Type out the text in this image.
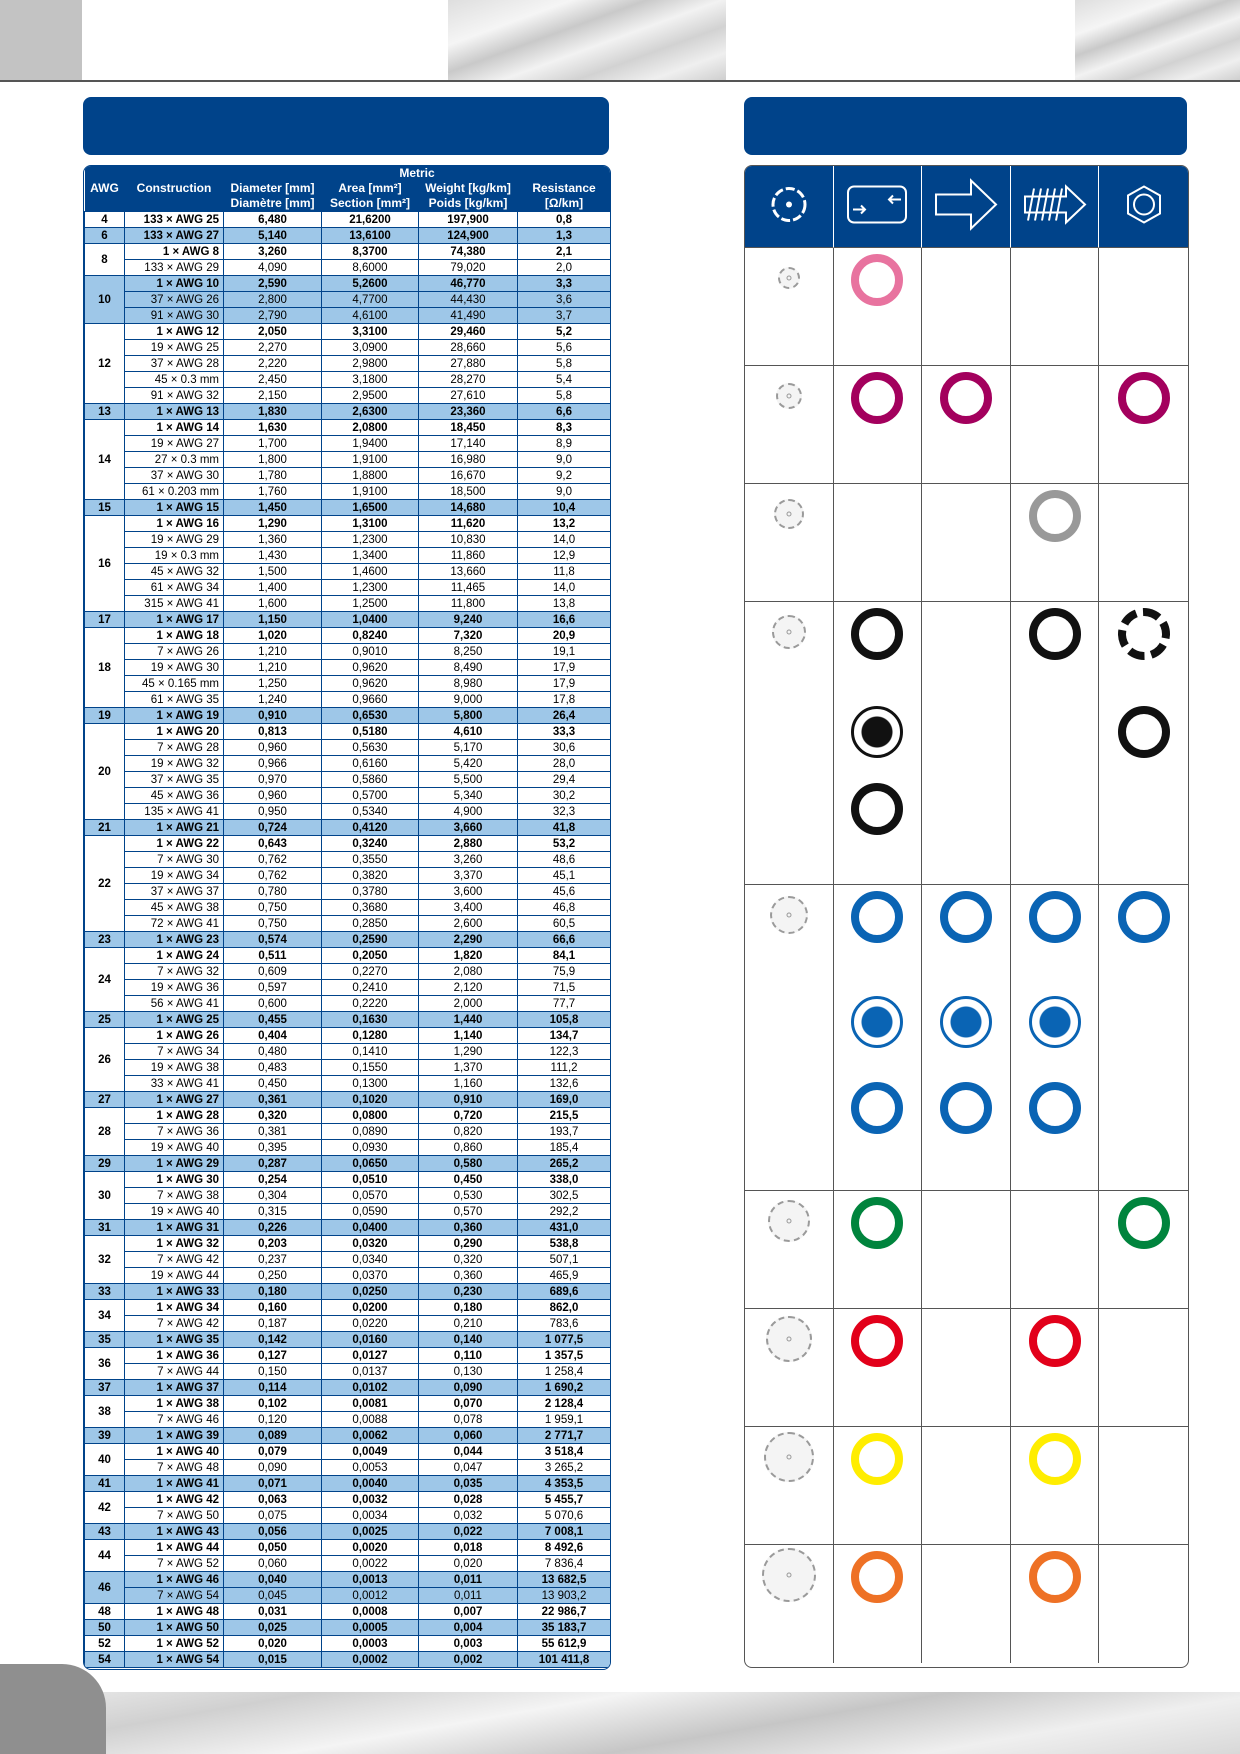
AWG	Construction	Metric			
		Diameter [mm]	Area [mm²]	Weight [kg/km]	Resistance
		Diamètre [mm]	Section [mm²]	Poids [kg/km]	[Ω/km]
4	133 × AWG 25	6,480	21,6200	197,900	0,8
6	133 × AWG 27	5,140	13,6100	124,900	1,3
8	1 × AWG 8	3,260	8,3700	74,380	2,1
	133 × AWG 29	4,090	8,6000	79,020	2,0
10	1 × AWG 10	2,590	5,2600	46,770	3,3
	37 × AWG 26	2,800	4,7700	44,430	3,6
	91 × AWG 30	2,790	4,6100	41,490	3,7
12	1 × AWG 12	2,050	3,3100	29,460	5,2
	19 × AWG 25	2,270	3,0900	28,660	5,6
	37 × AWG 28	2,220	2,9800	27,880	5,8
	45 × 0.3 mm	2,450	3,1800	28,270	5,4
	91 × AWG 32	2,150	2,9500	27,610	5,8
13	1 × AWG 13	1,830	2,6300	23,360	6,6
14	1 × AWG 14	1,630	2,0800	18,450	8,3
	19 × AWG 27	1,700	1,9400	17,140	8,9
	27 × 0.3 mm	1,800	1,9100	16,980	9,0
	37 × AWG 30	1,780	1,8800	16,670	9,2
	61 × 0.203 mm	1,760	1,9100	18,500	9,0
15	1 × AWG 15	1,450	1,6500	14,680	10,4
16	1 × AWG 16	1,290	1,3100	11,620	13,2
	19 × AWG 29	1,360	1,2300	10,830	14,0
	19 × 0.3 mm	1,430	1,3400	11,860	12,9
	45 × AWG 32	1,500	1,4600	13,660	11,8
	61 × AWG 34	1,400	1,2300	11,465	14,0
	315 × AWG 41	1,600	1,2500	11,800	13,8
17	1 × AWG 17	1,150	1,0400	9,240	16,6
18	1 × AWG 18	1,020	0,8240	7,320	20,9
	7 × AWG 26	1,210	0,9010	8,250	19,1
	19 × AWG 30	1,210	0,9620	8,490	17,9
	45 × 0.165 mm	1,250	0,9620	8,980	17,9
	61 × AWG 35	1,240	0,9660	9,000	17,8
19	1 × AWG 19	0,910	0,6530	5,800	26,4
20	1 × AWG 20	0,813	0,5180	4,610	33,3
	7 × AWG 28	0,960	0,5630	5,170	30,6
	19 × AWG 32	0,966	0,6160	5,420	28,0
	37 × AWG 35	0,970	0,5860	5,500	29,4
	45 × AWG 36	0,960	0,5700	5,340	30,2
	135 × AWG 41	0,950	0,5340	4,900	32,3
21	1 × AWG 21	0,724	0,4120	3,660	41,8
22	1 × AWG 22	0,643	0,3240	2,880	53,2
	7 × AWG 30	0,762	0,3550	3,260	48,6
	19 × AWG 34	0,762	0,3820	3,370	45,1
	37 × AWG 37	0,780	0,3780	3,600	45,6
	45 × AWG 38	0,750	0,3680	3,400	46,8
	72 × AWG 41	0,750	0,2850	2,600	60,5
23	1 × AWG 23	0,574	0,2590	2,290	66,6
24	1 × AWG 24	0,511	0,2050	1,820	84,1
	7 × AWG 32	0,609	0,2270	2,080	75,9
	19 × AWG 36	0,597	0,2410	2,120	71,5
	56 × AWG 41	0,600	0,2220	2,000	77,7
25	1 × AWG 25	0,455	0,1630	1,440	105,8
26	1 × AWG 26	0,404	0,1280	1,140	134,7
	7 × AWG 34	0,480	0,1410	1,290	122,3
	19 × AWG 38	0,483	0,1550	1,370	111,2
	33 × AWG 41	0,450	0,1300	1,160	132,6
27	1 × AWG 27	0,361	0,1020	0,910	169,0
28	1 × AWG 28	0,320	0,0800	0,720	215,5
	7 × AWG 36	0,381	0,0890	0,820	193,7
	19 × AWG 40	0,395	0,0930	0,860	185,4
29	1 × AWG 29	0,287	0,0650	0,580	265,2
30	1 × AWG 30	0,254	0,0510	0,450	338,0
	7 × AWG 38	0,304	0,0570	0,530	302,5
	19 × AWG 40	0,315	0,0590	0,570	292,2
31	1 × AWG 31	0,226	0,0400	0,360	431,0
32	1 × AWG 32	0,203	0,0320	0,290	538,8
	7 × AWG 42	0,237	0,0340	0,320	507,1
	19 × AWG 44	0,250	0,0370	0,360	465,9
33	1 × AWG 33	0,180	0,0250	0,230	689,6
34	1 × AWG 34	0,160	0,0200	0,180	862,0
	7 × AWG 42	0,187	0,0220	0,210	783,6
35	1 × AWG 35	0,142	0,0160	0,140	1 077,5
36	1 × AWG 36	0,127	0,0127	0,110	1 357,5
	7 × AWG 44	0,150	0,0137	0,130	1 258,4
37	1 × AWG 37	0,114	0,0102	0,090	1 690,2
38	1 × AWG 38	0,102	0,0081	0,070	2 128,4
	7 × AWG 46	0,120	0,0088	0,078	1 959,1
39	1 × AWG 39	0,089	0,0062	0,060	2 771,7
40	1 × AWG 40	0,079	0,0049	0,044	3 518,4
	7 × AWG 48	0,090	0,0053	0,047	3 265,2
41	1 × AWG 41	0,071	0,0040	0,035	4 353,5
42	1 × AWG 42	0,063	0,0032	0,028	5 455,7
	7 × AWG 50	0,075	0,0034	0,032	5 070,6
43	1 × AWG 43	0,056	0,0025	0,022	7 008,1
44	1 × AWG 44	0,050	0,0020	0,018	8 492,6
	7 × AWG 52	0,060	0,0022	0,020	7 836,4
46	1 × AWG 46	0,040	0,0013	0,011	13 682,5
	7 × AWG 54	0,045	0,0012	0,011	13 903,2
48	1 × AWG 48	0,031	0,0008	0,007	22 986,7
50	1 × AWG 50	0,025	0,0005	0,004	35 183,7
52	1 × AWG 52	0,020	0,0003	0,003	55 612,9
54	1 × AWG 54	0,015	0,0002	0,002	101 411,8
